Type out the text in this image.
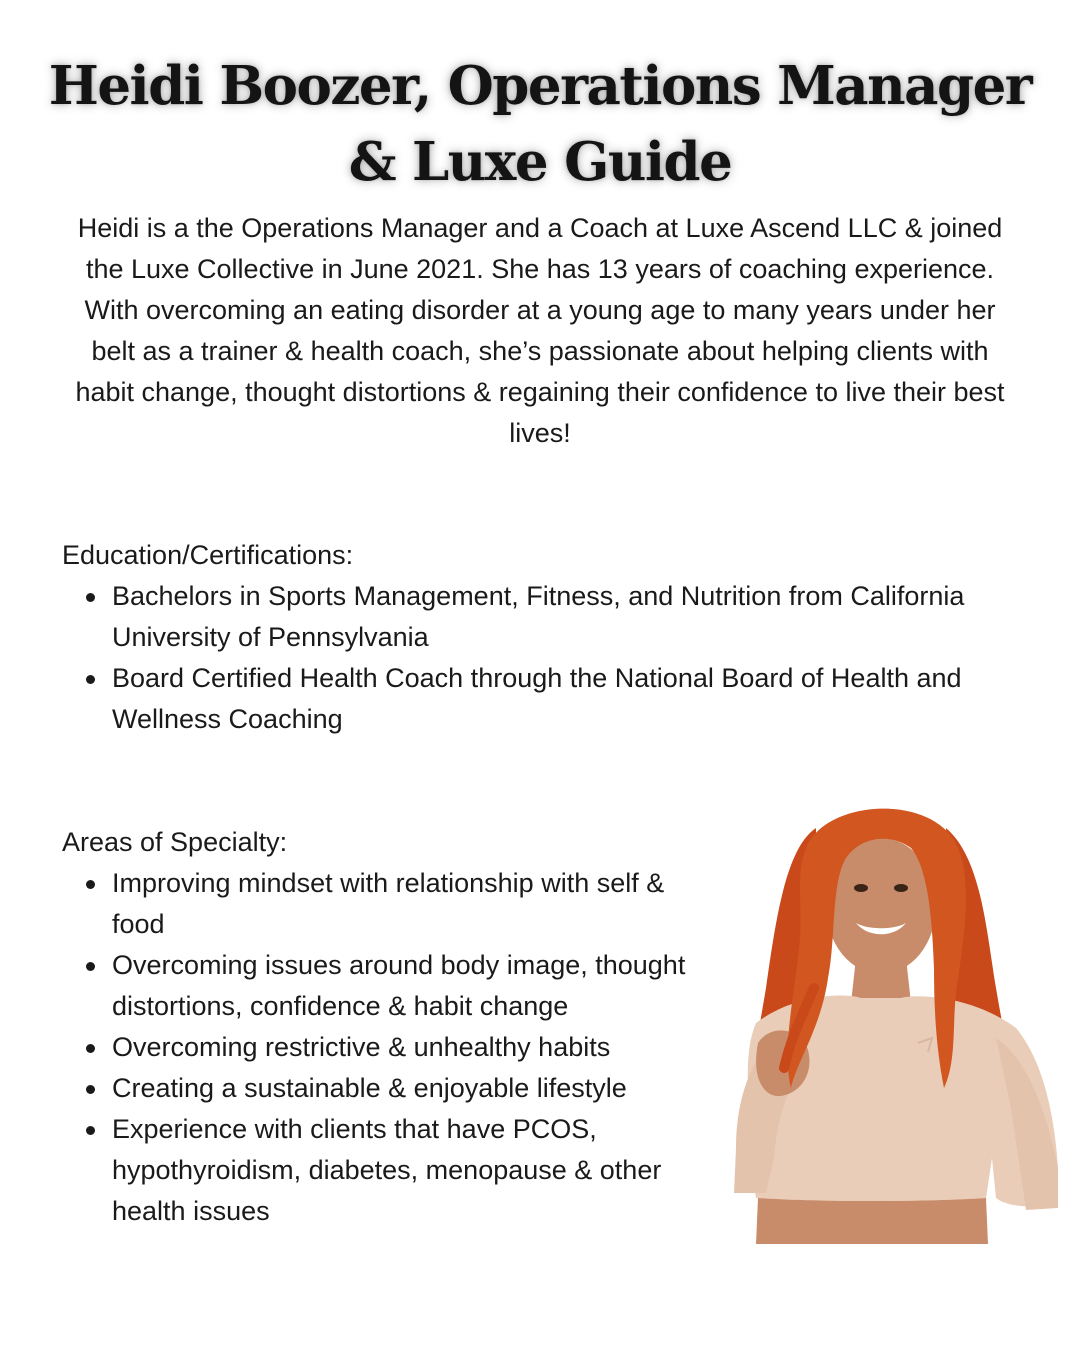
Heidi Boozer, Operations Manager & Luxe Guide

Heidi is a the Operations Manager and a Coach at Luxe Ascend LLC & joined the Luxe Collective in June 2021. She has 13 years of coaching experience. With overcoming an eating disorder at a young age to many years under her belt as a trainer & health coach, she’s passionate about helping clients with habit change, thought distortions & regaining their confidence to live their best lives!

Education/Certifications:
Bachelors in Sports Management, Fitness, and Nutrition from California University of Pennsylvania
Board Certified Health Coach through the National Board of Health and Wellness Coaching
Areas of Specialty:
Improving mindset with relationship with self & food
Overcoming issues around body image, thought distortions, confidence & habit change
Overcoming restrictive & unhealthy habits
Creating a sustainable & enjoyable lifestyle
Experience with clients that have PCOS, hypothyroidism, diabetes, menopause & other health issues
